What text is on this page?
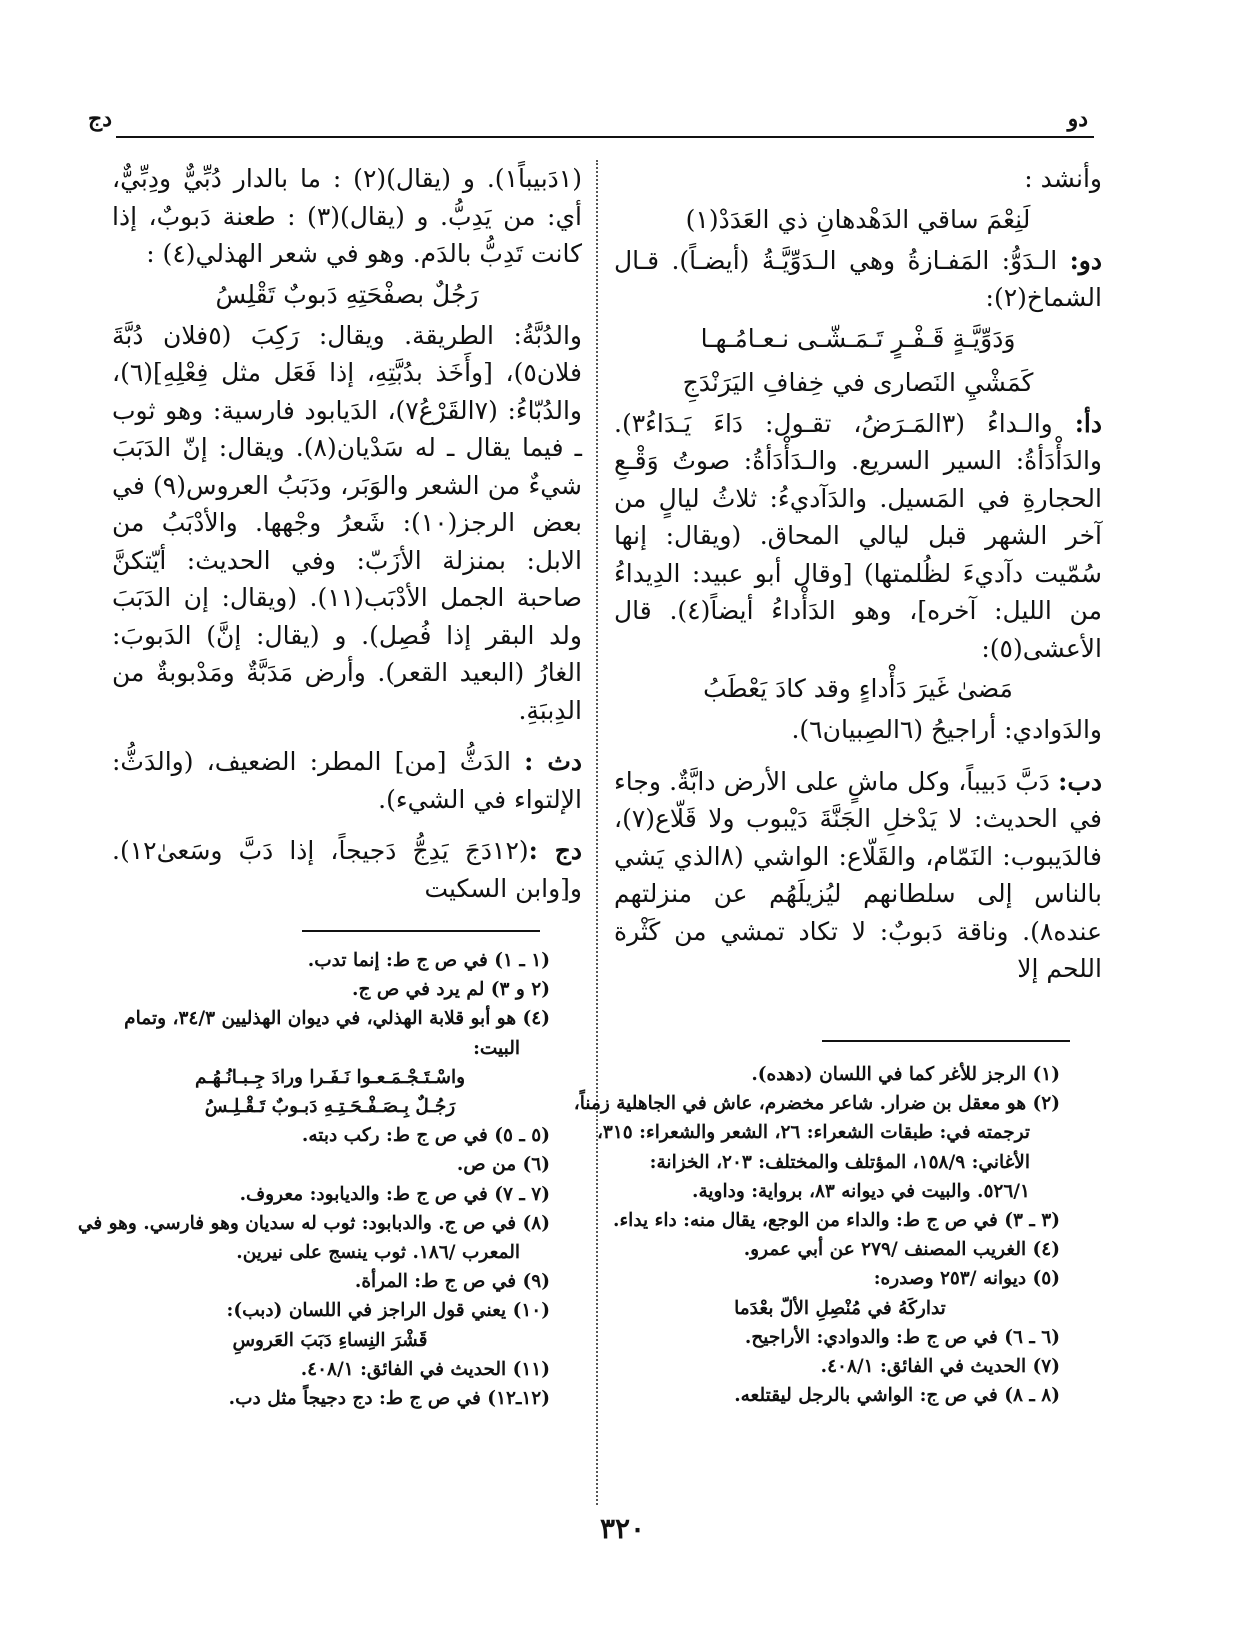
دو
دج

وأنشد :

لَنِعْمَ ساقي الدَهْدهانِ ذي العَدَدْ(١)

دو: الـدَوُّ: المَفـازةُ وهي الـدَوِّيَّـةُ (أيضـاً). قـال الشماخ(٢):

وَدَوِّيَّـةٍ قَـفْـرٍ تَـمَـشّـى نـعـامُـهـا

كَمَشْيِ النَصارى في خِفافِ اليَرَنْدَجِ

دأ: والـداءُ (٣المَـرَضُ، تقـول: دَاءَ يَـدَاءُ٣). والدَأْدَأةُ: السير السريع. والـدَأْدَأةُ: صوتُ وَقْـعِ الحجارةِ في المَسيل. والدَآديءُ: ثلاثُ ليالٍ من آخر الشهر قبل ليالي المحاق. (ويقال: إنها سُمّيت دآديءَ لظُلمتها) [وقال أبو عبيد: الدِيداءُ من الليل: آخره]، وهو الدَأْداءُ أيضاً(٤). قال الأعشى(٥):

مَضىٰ غَيرَ دَأْداءٍ وقد كادَ يَعْطَبُ

والدَوادي: أراجيحُ (٦الصِبيان٦).

دب: دَبَّ دَبيباً، وكل ماشٍ على الأرض دابَّةٌ. وجاء في الحديث: لا يَدْخلِ الجَنَّةَ دَيْبوب ولا قَلّاع(٧)، فالدَيبوب: النَمّام، والقَلّاع: الواشي (٨الذي يَشي بالناس إلى سلطانهم ليُزيلَهُم عن منزلتهم عنده٨). وناقة دَبوبٌ: لا تكاد تمشي من كَثْرة اللحم إلا

(١دَبيباً١). و (يقال)(٢) : ما بالدار دُبِّيٌّ ودِبِّيٌّ، أي: من يَدِبُّ. و (يقال)(٣) : طعنة دَبوبٌ، إذا كانت تَدِبُّ بالدَم. وهو في شعر الهذلي(٤) :

رَجُلٌ بصفْحَتِهِ دَبوبٌ تَقْلِسُ

والدُبَّةُ: الطريقة. ويقال: رَكِبَ (٥فلان دُبَّةَ فلان٥)، [وأَخَذ بدُبَّتِهِ، إذا فَعَل مثل فِعْلِهِ](٦)، والدُبّاءُ: (٧القَرْعُ٧)، الدَيابود فارسية: وهو ثوب ـ فيما يقال ـ له سَدْيان(٨). ويقال: إنّ الدَبَبَ شيءٌ من الشعر والوَبَر، ودَبَبُ العروس(٩) في بعض الرجز(١٠): شَعرُ وجْهها. والأدْبَبُ من الابل: بمنزلة الأزَبّ: وفي الحديث: أيّتكنَّ صاحبة الجمل الأدْبَب(١١). (ويقال: إن الدَبَبَ ولد البقر إذا فُصِل). و (يقال: إنَّ) الدَبوبَ: الغارُ (البعيد القعر). وأرض مَدَبَّةٌ ومَدْبوبةٌ من الدِببَةِ.

دث : الدَثُّ [من] المطر: الضعيف، (والدَثُّ: الإلتواء في الشيء).

دج :(١٢دَجَ يَدِجُّ دَجيجاً، إذا دَبَّ وسَعىٰ١٢). و[وابن السكيت

(١) الرجز للأغر كما في اللسان (دهده).
(٢) هو معقل بن ضرار. شاعر مخضرم، عاش في الجاهلية زمناً،
ترجمته في: طبقات الشعراء: ٢٦، الشعر والشعراء: ٣١٥،
الأغاني: ١٥٨/٩، المؤتلف والمختلف: ٢٠٣، الخزانة:
٥٢٦/١. والبيت في ديوانه ٨٣، برواية: وداوية.
(٣ ـ ٣) في ص ج ط: والداء من الوجع، يقال منه: داء يداء.
(٤) الغريب المصنف /٢٧٩ عن أبي عمرو.
(٥) ديوانه /٢٥٣ وصدره:
تداركَهُ في مُنْصِلِ الألّ بعْدَما
(٦ ـ ٦) في ص ج ط: والدوادي: الأراجيح.
(٧) الحديث في الفائق: ٤٠٨/١.
(٨ ـ ٨) في ص ج: الواشي بالرجل ليقتلعه.
(١ ـ ١) في ص ج ط: إنما تدب.
(٢ و ٣) لم يرد في ص ج.
(٤) هو أبو قلابة الهذلي، في ديوان الهذليين ٣٤/٣، وتمام
البيت:
واسْـتَـجْـمَـعـوا نَـفَـرا ورادَ جِـبـانُـهُـم
رَجُـلٌ بِـصَـفْـحَـتِـهِ دَبـوبٌ تَـقْـلِـسُ
(٥ ـ ٥) في ص ج ط: ركب دبته.
(٦) من ص.
(٧ ـ ٧) في ص ج ط: والديابود: معروف.
(٨) في ص ج. والدبابود: ثوب له سديان وهو فارسي. وهو في
المعرب /١٨٦. ثوب ينسج على نيرين.
(٩) في ص ج ط: المرأة.
(١٠) يعني قول الراجز في اللسان (دبب):
قَشْرَ النِساءِ دَبَبَ العَروسِ
(١١) الحديث في الفائق: ٤٠٨/١.
(١٢ـ١٢) في ص ج ط: دج دجيجاً مثل دب.
٣٢٠
